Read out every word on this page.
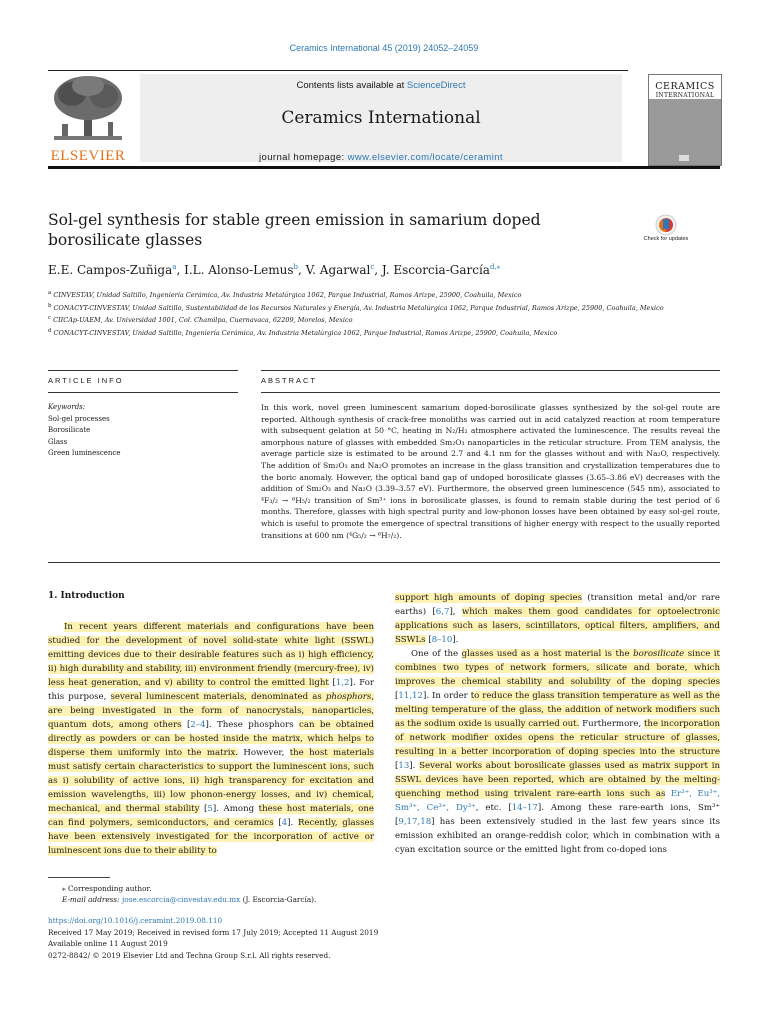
Ceramics International 45 (2019) 24052–24059
ELSEVIER
Contents lists available at ScienceDirect
Ceramics International
journal homepage: www.elsevier.com/locate/ceramint
CERAMICS
INTERNATIONAL
Sol-gel synthesis for stable green emission in samarium doped borosilicate glasses	Check for updates
E.E. Campos-Zuñiga$^a$, I.L. Alonso-Lemus$^b$, V. Agarwal$^c$, J. Escorcia-García$^{d,⁎}$
$^a$ CINVESTAV, Unidad Saltillo, Ingeniería Cerámica, Av. Industria Metalúrgica 1062, Parque Industrial, Ramos Arizpe, 25900, Coahuila, Mexico
$^b$ CONACYT-CINVESTAV, Unidad Saltillo, Sustentabilidad de los Recursos Naturales y Energía, Av. Industria Metalúrgica 1062, Parque Industrial, Ramos Arizpe, 25900, Coahuila, Mexico
$^c$ CIICAp-UAEM, Av. Universidad 1001, Col. Chamilpa, Cuernavaca, 62209, Morelos, Mexico
$^d$ CONACYT-CINVESTAV, Unidad Saltillo, Ingeniería Cerámica, Av. Industria Metalúrgica 1062, Parque Industrial, Ramos Arizpe, 25900, Coahuila, Mexico
ARTICLE INFO	ABSTRACT
Keywords:
Sol-gel processes
Borosilicate
Glass
Green luminescence
In this work, novel green luminescent samarium doped-borosilicate glasses synthesized by the sol-gel route are reported. Although synthesis of crack-free monoliths was carried out in acid catalyzed reaction at room temperature with subsequent gelation at 50 °C, heating in N₂/H₂ atmosphere activated the luminescence. The results reveal the amorphous nature of glasses with embedded Sm₂O₃ nanoparticles in the reticular structure. From TEM analysis, the average particle size is estimated to be around 2.7 and 4.1 nm for the glasses without and with Na₂O, respectively. The addition of Sm₂O₃ and Na₂O promotes an increase in the glass transition and crystallization temperatures due to the boric anomaly. However, the optical band gap of undoped borosilicate glasses (3.65–3.86 eV) decreases with the addition of Sm₂O₃ and Na₂O (3.39–3.57 eV). Furthermore, the observed green luminescence (545 nm), associated to ⁴F₃/₂ → ⁶H₅/₂ transition of Sm³⁺ ions in borosilicate glasses, is found to remain stable during the test period of 6 months. Therefore, glasses with high spectral purity and low-phonon losses have been obtained by easy sol-gel route, which is useful to promote the emergence of spectral transitions of higher energy with respect to the usually reported transitions at 600 nm (⁴G₅/₂ → ⁶H₇/₂).
1. Introduction
In recent years different materials and configurations have been studied for the development of novel solid-state white light (SSWL) emitting devices due to their desirable features such as i) high efficiency, ii) high durability and stability, iii) environment friendly (mercury-free), iv) less heat generation, and v) ability to control the emitted light [1,2]. For this purpose, several luminescent materials, denominated as phosphors, are being investigated in the form of nanocrystals, nanoparticles, quantum dots, among others [2–4]. These phosphors can be obtained directly as powders or can be hosted inside the matrix, which helps to disperse them uniformly into the matrix. However, the host materials must satisfy certain characteristics to support the luminescent ions, such as i) solubility of active ions, ii) high transparency for excitation and emission wavelengths, iii) low phonon-energy losses, and iv) chemical, mechanical, and thermal stability [5]. Among these host materials, one can find polymers, semiconductors, and ceramics [4]. Recently, glasses have been extensively investigated for the incorporation of active or luminescent ions due to their ability to
support high amounts of doping species (transition metal and/or rare earths) [6,7], which makes them good candidates for optoelectronic applications such as lasers, scintillators, optical filters, amplifiers, and SSWLs [8–10].
One of the glasses used as a host material is the borosilicate since it combines two types of network formers, silicate and borate, which improves the chemical stability and solubility of the doping species [11,12]. In order to reduce the glass transition temperature as well as the melting temperature of the glass, the addition of network modifiers such as the sodium oxide is usually carried out. Furthermore, the incorporation of network modifier oxides opens the reticular structure of glasses, resulting in a better incorporation of doping species into the structure [13]. Several works about borosilicate glasses used as matrix support in SSWL devices have been reported, which are obtained by the melting-quenching method using trivalent rare-earth ions such as Er³⁺, Eu³⁺, Sm³⁺, Ce³⁺, Dy³⁺, etc. [14–17]. Among these rare-earth ions, Sm³⁺ [9,17,18] has been extensively studied in the last few years since its emission exhibited an orange-reddish color, which in combination with a cyan excitation source or the emitted light from co-doped ions
⁎ Corresponding author.
E-mail address: jose.escorcia@cinvestav.edu.mx (J. Escorcia-García).
https://doi.org/10.1016/j.ceramint.2019.08.110
Received 17 May 2019; Received in revised form 17 July 2019; Accepted 11 August 2019
Available online 11 August 2019
0272-8842/ © 2019 Elsevier Ltd and Techna Group S.r.l. All rights reserved.
